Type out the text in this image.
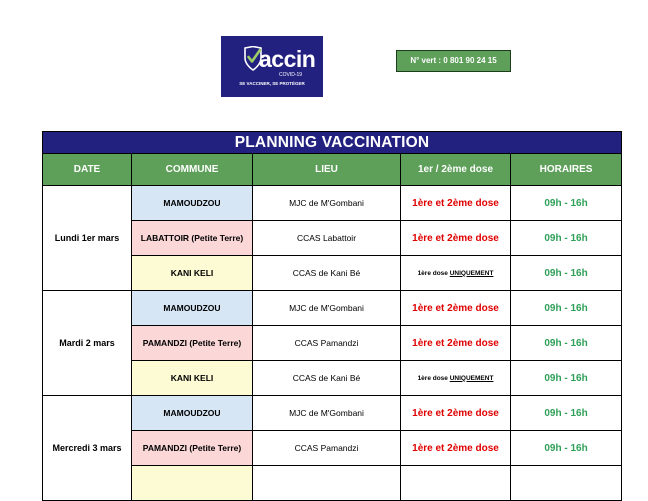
accin
COVID-19
SE VACCINER, SE PROTÉGER
N° vert : 0 801 90 24 15
PLANNING VACCINATION				
DATE	COMMUNE	LIEU	1er / 2ème dose	HORAIRES
Lundi 1er mars	MAMOUDZOU	MJC de M'Gombani	1ère et 2ème dose	09h - 16h
	LABATTOIR (Petite Terre)	CCAS Labattoir	1ère et 2ème dose	09h - 16h
	KANI KELI	CCAS de Kani Bé	1ère dose UNIQUEMENT	09h - 16h
Mardi 2 mars	MAMOUDZOU	MJC de M'Gombani	1ère et 2ème dose	09h - 16h
	PAMANDZI (Petite Terre)	CCAS Pamandzi	1ère et 2ème dose	09h - 16h
	KANI KELI	CCAS de Kani Bé	1ère dose UNIQUEMENT	09h - 16h
Mercredi 3 mars	MAMOUDZOU	MJC de M'Gombani	1ère et 2ème dose	09h - 16h
	PAMANDZI (Petite Terre)	CCAS Pamandzi	1ère et 2ème dose	09h - 16h
